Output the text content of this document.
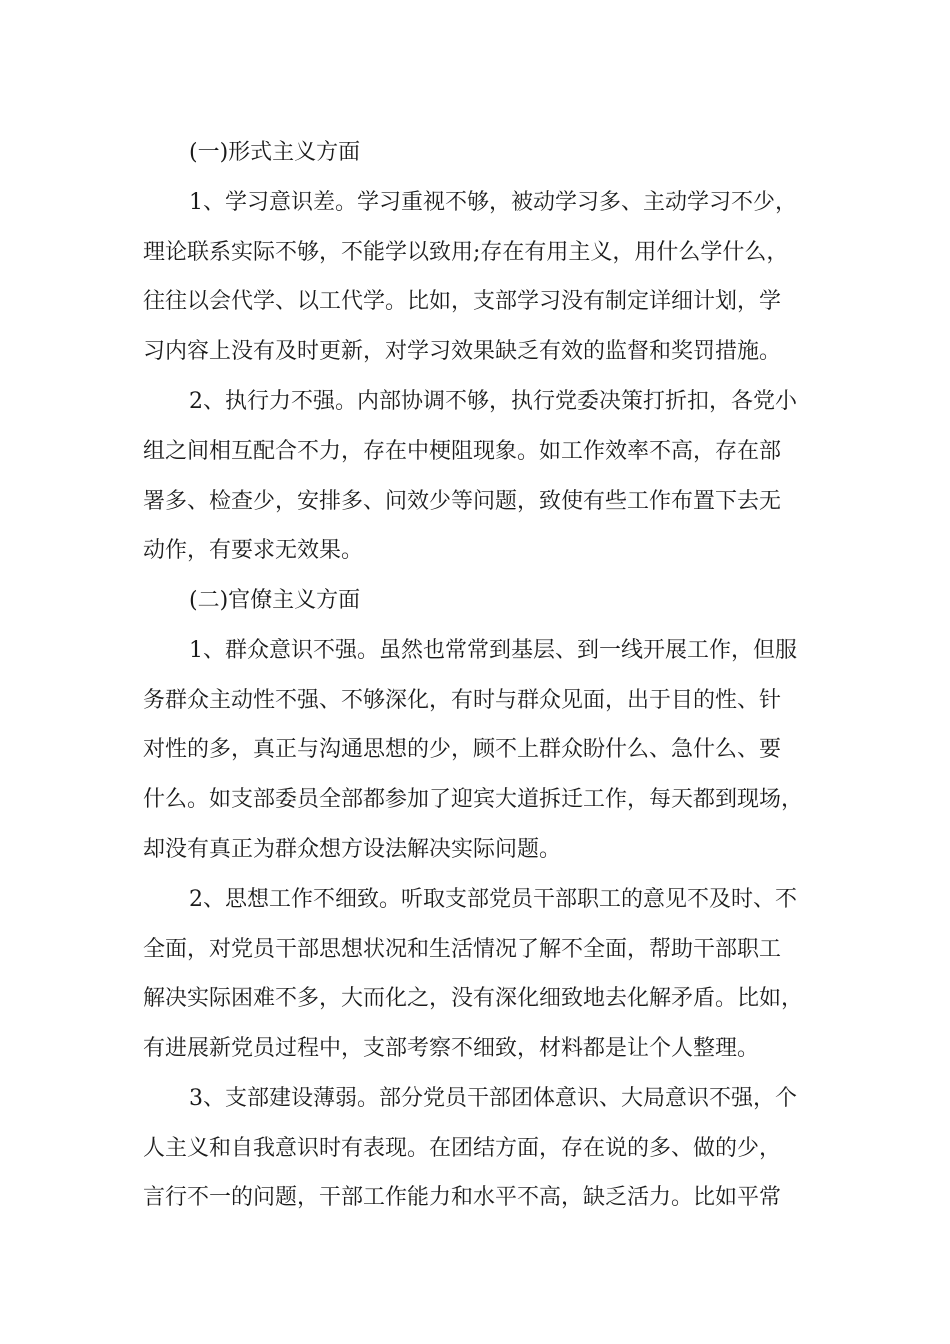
(一)形式主义方面
1、学习意识差。学习重视不够，被动学习多、主动学习不少，
理论联系实际不够，不能学以致用;存在有用主义，用什么学什么，
往往以会代学、以工代学。比如，支部学习没有制定详细计划，学
习内容上没有及时更新，对学习效果缺乏有效的监督和奖罚措施。
2、执行力不强。内部协调不够，执行党委决策打折扣，各党小
组之间相互配合不力，存在中梗阻现象。如工作效率不高，存在部
署多、检查少，安排多、问效少等问题，致使有些工作布置下去无
动作，有要求无效果。
(二)官僚主义方面
1、群众意识不强。虽然也常常到基层、到一线开展工作，但服
务群众主动性不强、不够深化，有时与群众见面，出于目的性、针
对性的多，真正与沟通思想的少，顾不上群众盼什么、急什么、要
什么。如支部委员全部都参加了迎宾大道拆迁工作，每天都到现场，
却没有真正为群众想方设法解决实际问题。
2、思想工作不细致。听取支部党员干部职工的意见不及时、不
全面，对党员干部思想状况和生活情况了解不全面，帮助干部职工
解决实际困难不多，大而化之，没有深化细致地去化解矛盾。比如，
有进展新党员过程中，支部考察不细致，材料都是让个人整理。
3、支部建设薄弱。部分党员干部团体意识、大局意识不强，个
人主义和自我意识时有表现。在团结方面，存在说的多、做的少，
言行不一的问题，干部工作能力和水平不高，缺乏活力。比如平常
